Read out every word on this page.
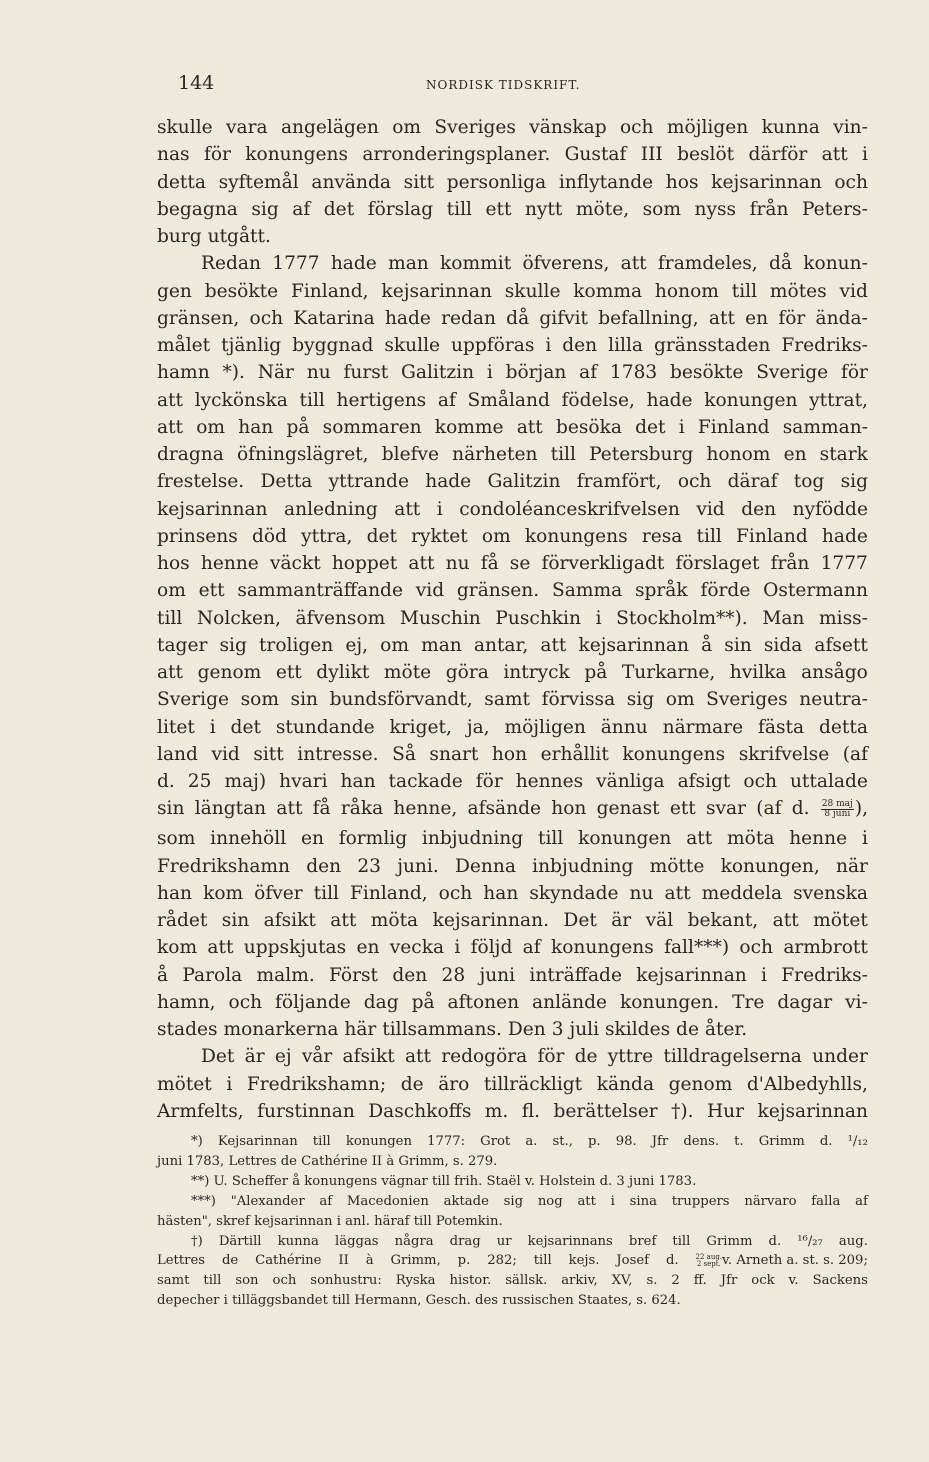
144	NORDISK TIDSKRIFT.
skulle vara angelägen om Sveriges vänskap och möjligen kunna vin-
nas för konungens arronderingsplaner. Gustaf III beslöt därför att i
detta syftemål använda sitt personliga inflytande hos kejsarinnan och
begagna sig af det förslag till ett nytt möte, som nyss från Peters-
burg utgått.
Redan 1777 hade man kommit öfverens, att framdeles, då konun-
gen besökte Finland, kejsarinnan skulle komma honom till mötes vid
gränsen, och Katarina hade redan då gifvit befallning, att en för ända-
målet tjänlig byggnad skulle uppföras i den lilla gränsstaden Fredriks-
hamn *). När nu furst Galitzin i början af 1783 besökte Sverige för
att lyckönska till hertigens af Småland födelse, hade konungen yttrat,
att om han på sommaren komme att besöka det i Finland samman-
dragna öfningslägret, blefve närheten till Petersburg honom en stark
frestelse. Detta yttrande hade Galitzin framfört, och däraf tog sig
kejsarinnan anledning att i condoléanceskrifvelsen vid den nyfödde
prinsens död yttra, det ryktet om konungens resa till Finland hade
hos henne väckt hoppet att nu få se förverkligadt förslaget från 1777
om ett sammanträffande vid gränsen. Samma språk förde Ostermann
till Nolcken, äfvensom Muschin Puschkin i Stockholm**). Man miss-
tager sig troligen ej, om man antar, att kejsarinnan å sin sida afsett
att genom ett dylikt möte göra intryck på Turkarne, hvilka ansågo
Sverige som sin bundsförvandt, samt förvissa sig om Sveriges neutra-
litet i det stundande kriget, ja, möjligen ännu närmare fästa detta
land vid sitt intresse. Så snart hon erhållit konungens skrifvelse (af
d. 25 maj) hvari han tackade för hennes vänliga afsigt och uttalade
sin längtan att få råka henne, afsände hon genast ett svar (af d. $\frac{\text{28 maj}}{\text{8 juni}}$ ),
som innehöll en formlig inbjudning till konungen att möta henne i
Fredrikshamn den 23 juni. Denna inbjudning mötte konungen, när
han kom öfver till Finland, och han skyndade nu att meddela svenska
rådet sin afsikt att möta kejsarinnan. Det är väl bekant, att mötet
kom att uppskjutas en vecka i följd af konungens fall***) och armbrott
å Parola malm. Först den 28 juni inträffade kejsarinnan i Fredriks-
hamn, och följande dag på aftonen anlände konungen. Tre dagar vi-
stades monarkerna här tillsammans. Den 3 juli skildes de åter.
Det är ej vår afsikt att redogöra för de yttre tilldragelserna under
mötet i Fredrikshamn; de äro tillräckligt kända genom d'Albedyhlls,
Armfelts, furstinnan Daschkoffs m. fl. berättelser †). Hur kejsarinnan
*) Kejsarinnan till konungen 1777: Grot a. st., p. 98. Jfr dens. t. Grimm d. ¹/₁₂
juni 1783, Lettres de Cathérine II à Grimm, s. 279.
**) U. Scheffer å konungens vägnar till frih. Staël v. Holstein d. 3 juni 1783.
***) "Alexander af Macedonien aktade sig nog att i sina truppers närvaro falla af
hästen", skref kejsarinnan i anl. häraf till Potemkin.
†) Därtill kunna läggas några drag ur kejsarinnans bref till Grimm d. ¹⁶/₂₇ aug.
Lettres de Cathérine II à Grimm, p. 282; till kejs. Josef d. 22 aug.
2 sept. v. Arneth a. st. s. 209;
samt till son och sonhustru: Ryska histor. sällsk. arkiv, XV, s. 2 ff. Jfr ock v. Sackens
depecher i tilläggsbandet till Hermann, Gesch. des russischen Staates, s. 624.
